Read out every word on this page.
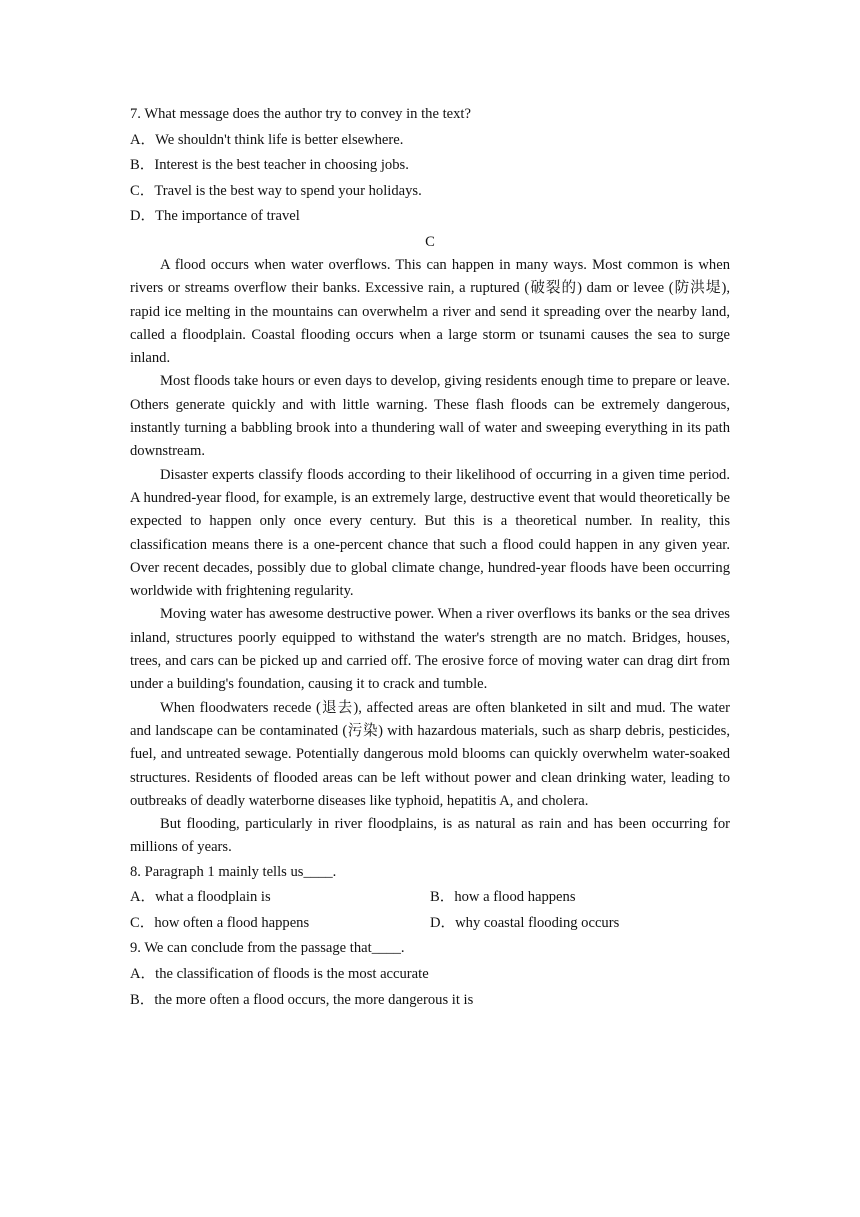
7. What message does the author try to convey in the text?
A．We shouldn't think life is better elsewhere.
B．Interest is the best teacher in choosing jobs.
C．Travel is the best way to spend your holidays.
D．The importance of travel
C

A flood occurs when water overflows. This can happen in many ways. Most common is when rivers or streams overflow their banks. Excessive rain, a ruptured (破裂的) dam or levee (防洪堤), rapid ice melting in the mountains can overwhelm a river and send it spreading over the nearby land, called a floodplain. Coastal flooding occurs when a large storm or tsunami causes the sea to surge inland.

Most floods take hours or even days to develop, giving residents enough time to prepare or leave. Others generate quickly and with little warning. These flash floods can be extremely dangerous, instantly turning a babbling brook into a thundering wall of water and sweeping everything in its path downstream.

Disaster experts classify floods according to their likelihood of occurring in a given time period. A hundred-year flood, for example, is an extremely large, destructive event that would theoretically be expected to happen only once every century. But this is a theoretical number. In reality, this classification means there is a one-percent chance that such a flood could happen in any given year. Over recent decades, possibly due to global climate change, hundred-year floods have been occurring worldwide with frightening regularity.

Moving water has awesome destructive power. When a river overflows its banks or the sea drives inland, structures poorly equipped to withstand the water's strength are no match. Bridges, houses, trees, and cars can be picked up and carried off. The erosive force of moving water can drag dirt from under a building's foundation, causing it to crack and tumble.

When floodwaters recede (退去), affected areas are often blanketed in silt and mud. The water and landscape can be contaminated (污染) with hazardous materials, such as sharp debris, pesticides, fuel, and untreated sewage. Potentially dangerous mold blooms can quickly overwhelm water-soaked structures. Residents of flooded areas can be left without power and clean drinking water, leading to outbreaks of deadly waterborne diseases like typhoid, hepatitis A, and cholera.

But flooding, particularly in river floodplains, is as natural as rain and has been occurring for millions of years.

8. Paragraph 1 mainly tells us____.
A．what a floodplain is	B．how a flood happens
C．how often a flood happens	D．why coastal flooding occurs
9. We can conclude from the passage that____.
A．the classification of floods is the most accurate
B．the more often a flood occurs, the more dangerous it is
